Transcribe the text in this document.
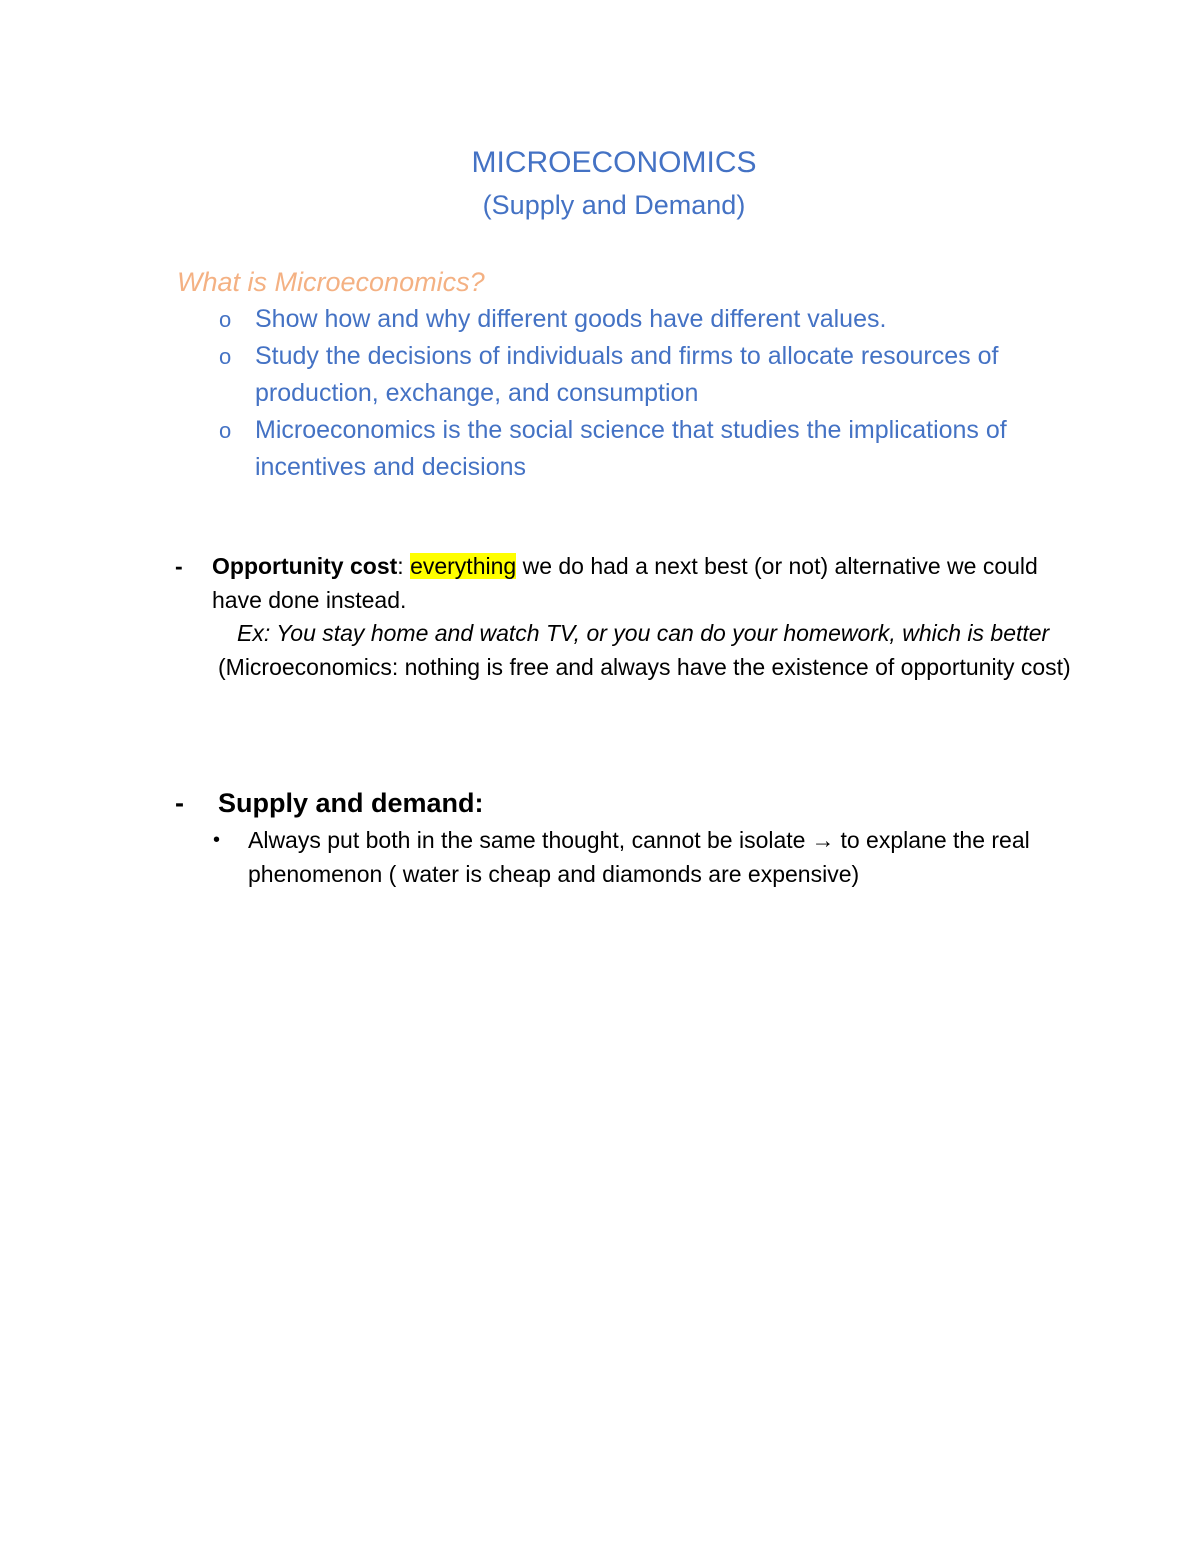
MICROECONOMICS
(Supply and Demand)
What is Microeconomics?
o Show how and why different goods have different values.
o Study the decisions of individuals and firms to allocate resources of production, exchange, and consumption
o Microeconomics is the social science that studies the implications of incentives and decisions
- Opportunity cost: everything we do had a next best (or not) alternative we could have done instead.
Ex: You stay home and watch TV, or you can do your homework, which is better
(Microeconomics: nothing is free and always have the existence of opportunity cost)
-	Supply and demand:
• Always put both in the same thought, cannot be isolate → to explane the real phenomenon ( water is cheap and diamonds are expensive)
